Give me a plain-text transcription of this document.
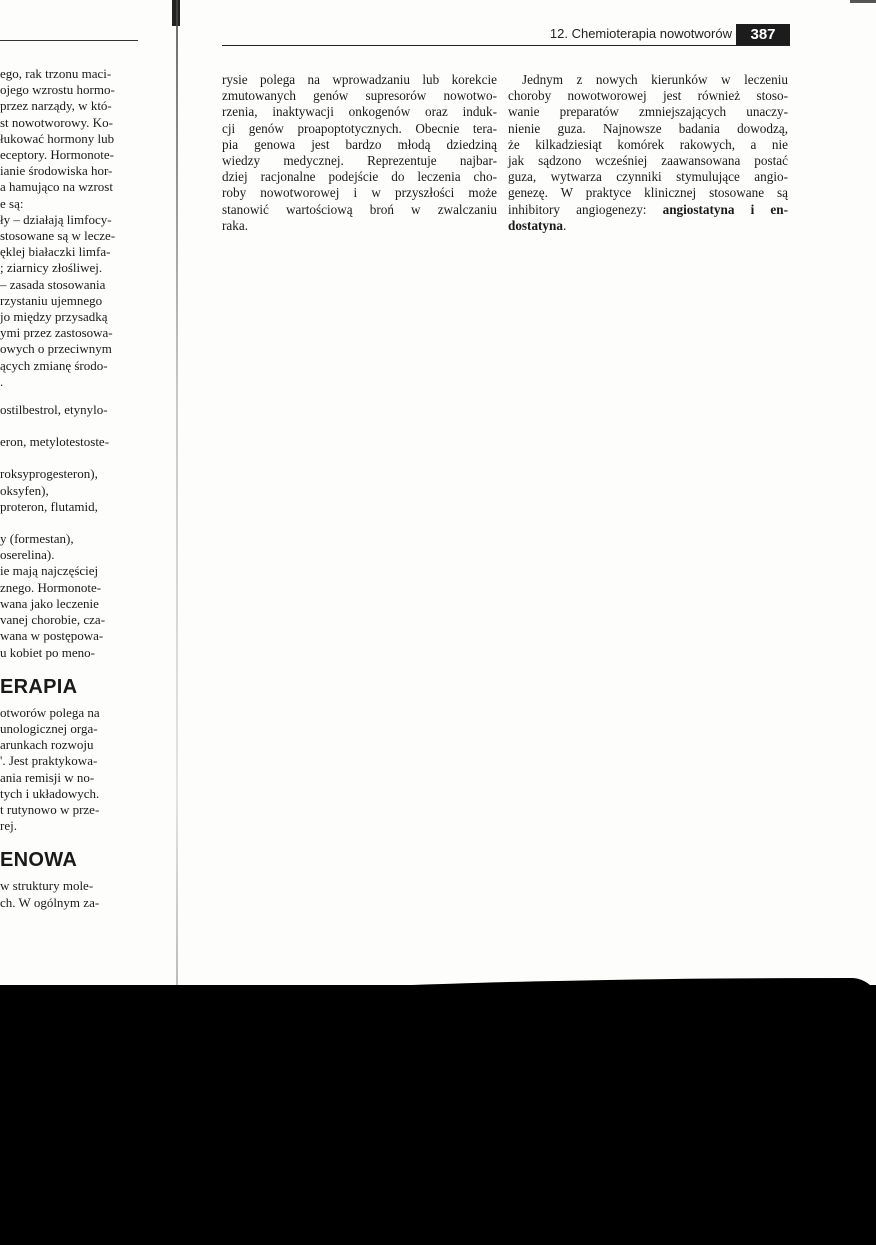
ego, rak trzonu maci-
ojego wzrostu hormo-
przez narządy, w któ-
st nowotworowy. Ko-
łukować hormony lub
eceptory. Hormonote-
ianie środowiska hor-
a hamująco na wzrost
e są:
ły – działają limfocy-
stosowane są w lecze-
ęklej białaczki limfa-
; ziarnicy złośliwej.
– zasada stosowania
rzystaniu ujemnego
jo między przysadką
ymi przez zastosowa-
owych o przeciwnym
ących zmianę środo-
.
ostilbestrol, etynylo-
eron, metylotestoste-
roksyprogesteron),
oksyfen),
proteron, flutamid,
y (formestan),
oserelina).
ie mają najczęściej
znego. Hormonote-
wana jako leczenie
vanej chorobie, cza-
wana w postępowa-
u kobiet po meno-
ERAPIA
otworów polega na
unologicznej orga-
arunkach rozwoju
'. Jest praktykowa-
ania remisji w no-
tych i układowych.
t rutynowo w prze-
rej.
ENOWA
w struktury mole-
ch. W ogólnym za-
12. Chemioterapia nowotworów	387
rysie polega na wprowadzaniu lub korekcie
zmutowanych genów supresorów nowotwo-
rzenia, inaktywacji onkogenów oraz induk-
cji genów proapoptotycznych. Obecnie tera-
pia genowa jest bardzo młodą dziedziną
wiedzy medycznej. Reprezentuje najbar-
dziej racjonalne podejście do leczenia cho-
roby nowotworowej i w przyszłości może
stanowić wartościową broń w zwalczaniu
raka.
Jednym z nowych kierunków w leczeniu
choroby nowotworowej jest również stoso-
wanie preparatów zmniejszających unaczy-
nienie guza. Najnowsze badania dowodzą,
że kilkadziesiąt komórek rakowych, a nie
jak sądzono wcześniej zaawansowana postać
guza, wytwarza czynniki stymulujące angio-
genezę. W praktyce klinicznej stosowane są
inhibitory angiogenezy: angiostatyna i en-
dostatyna.
